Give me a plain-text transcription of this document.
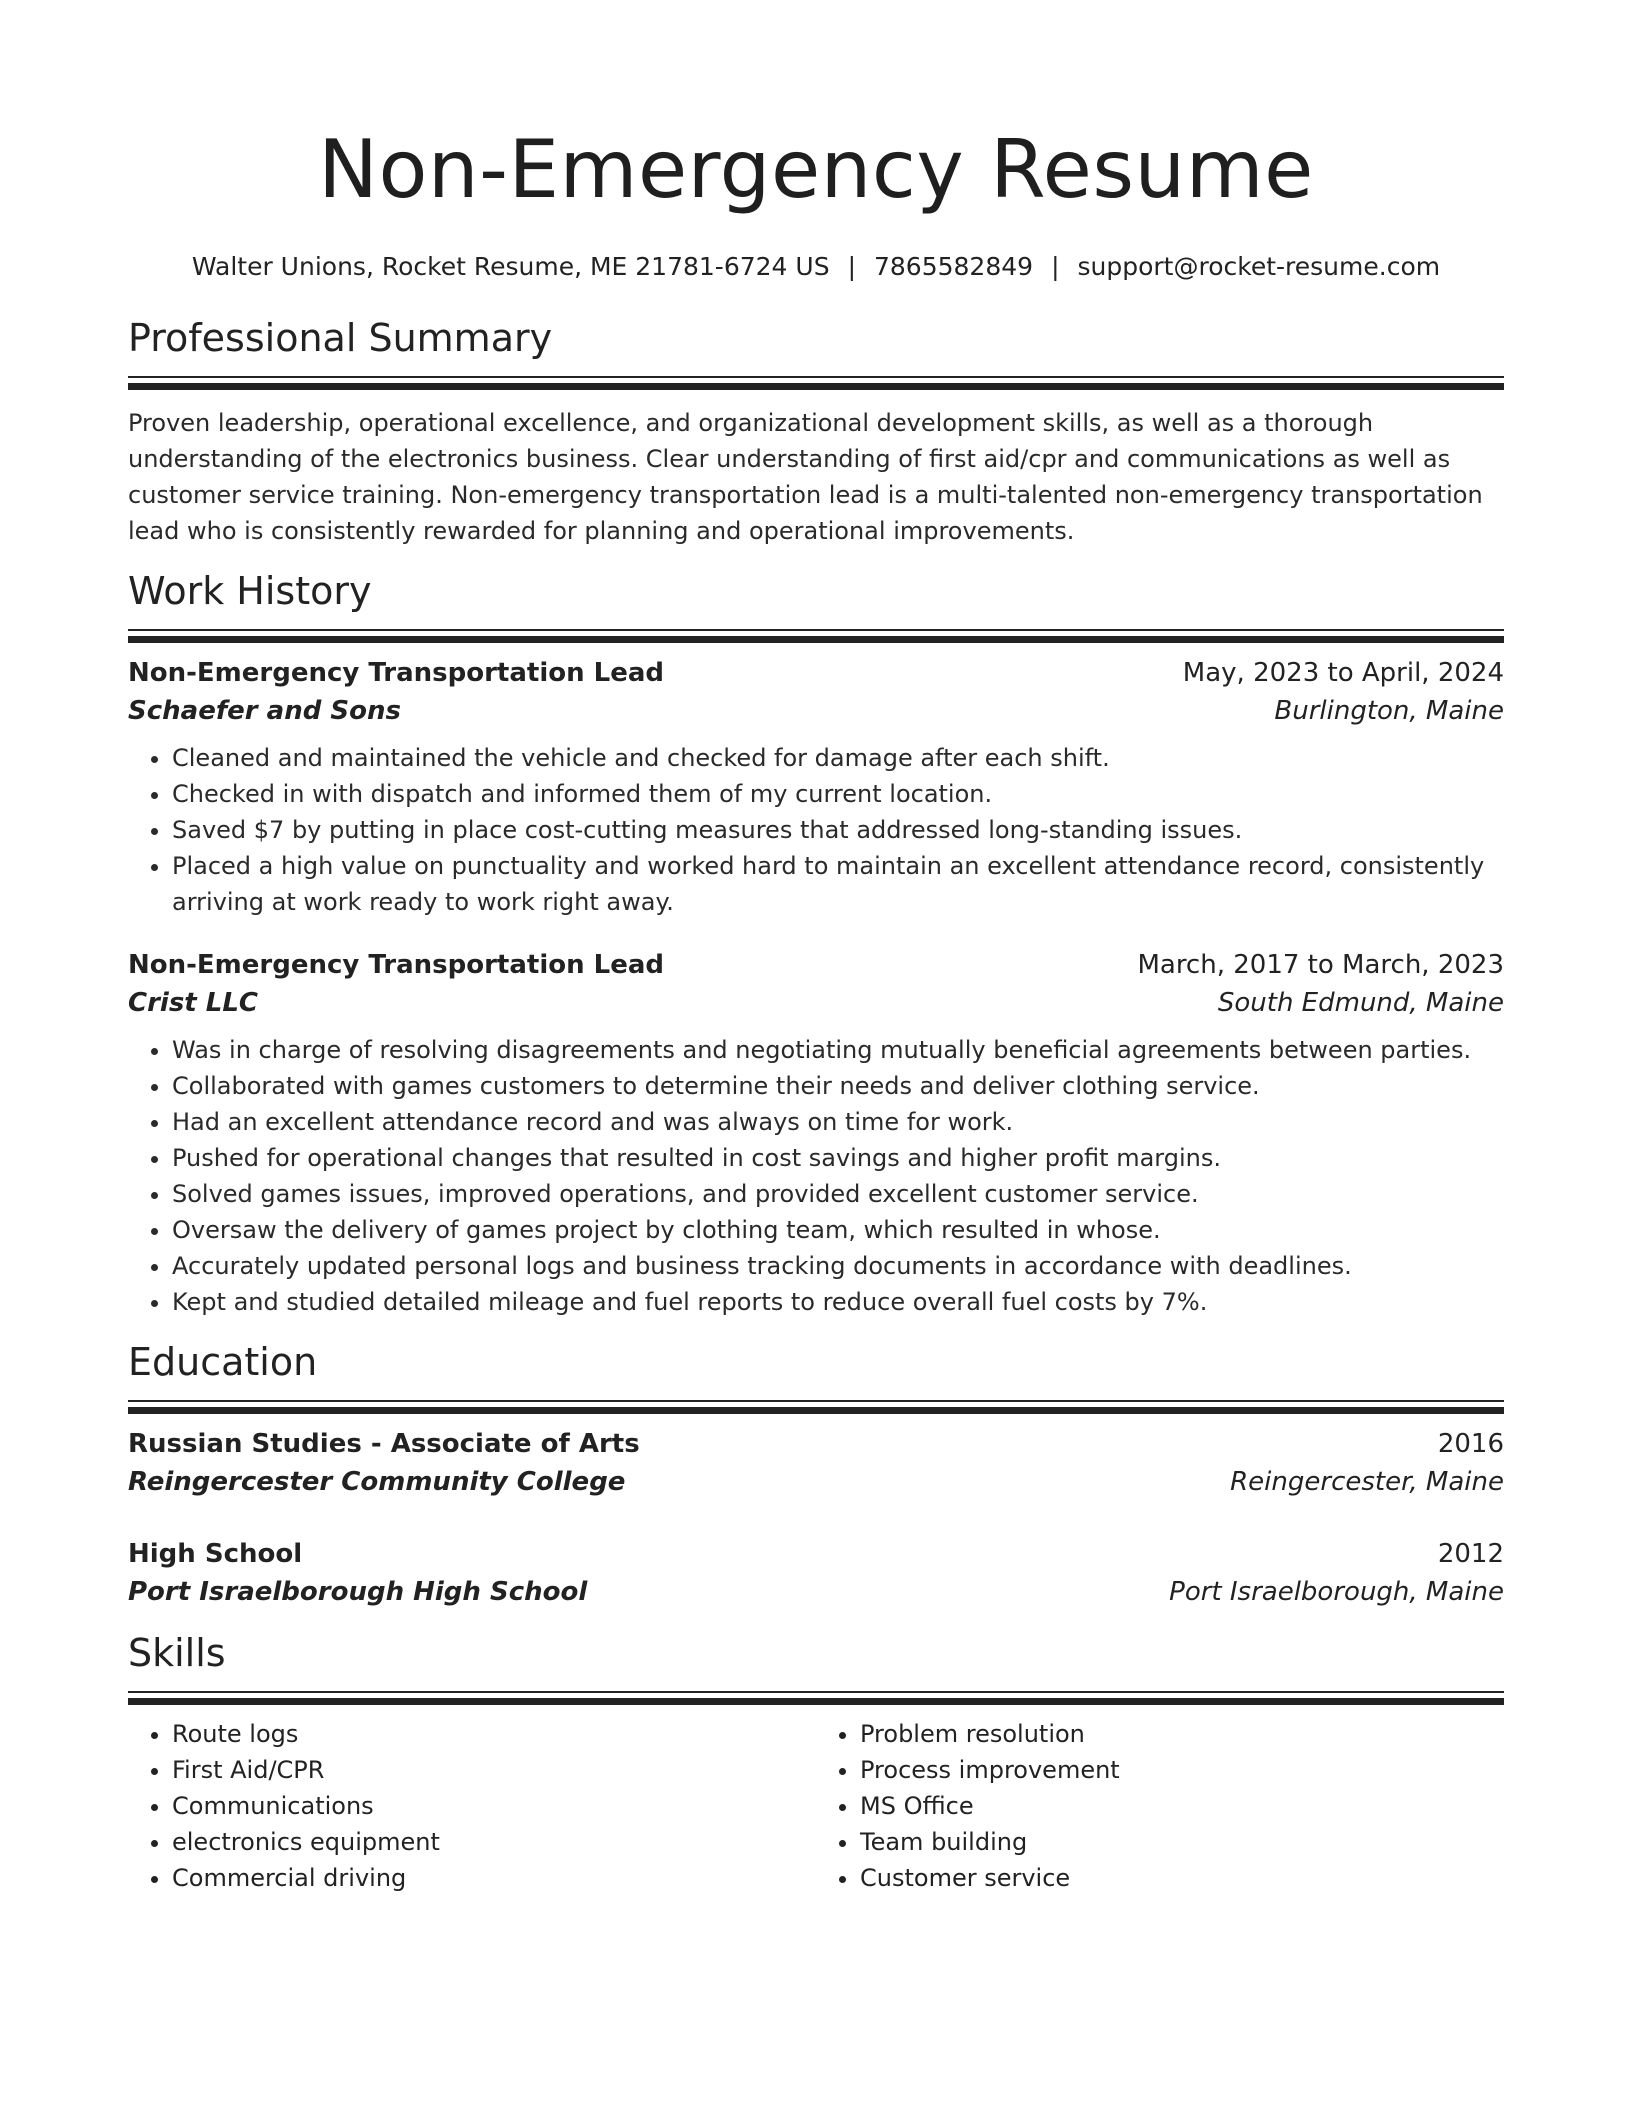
Non-Emergency Resume
Walter Unions, Rocket Resume, ME 21781-6724 US | 7865582849 | support@rocket-resume.com
Professional Summary
Proven leadership, operational excellence, and organizational development skills, as well as a thorough understanding of the electronics business. Clear understanding of first aid/cpr and communications as well as customer service training. Non-emergency transportation lead is a multi-talented non-emergency transportation lead who is consistently rewarded for planning and operational improvements.
Work History
Non-Emergency Transportation Lead	May, 2023 to April, 2024
Schaefer and Sons	Burlington, Maine
• Cleaned and maintained the vehicle and checked for damage after each shift.
• Checked in with dispatch and informed them of my current location.
• Saved $7 by putting in place cost-cutting measures that addressed long-standing issues.
• Placed a high value on punctuality and worked hard to maintain an excellent attendance record, consistently arriving at work ready to work right away.
Non-Emergency Transportation Lead	March, 2017 to March, 2023
Crist LLC	South Edmund, Maine
• Was in charge of resolving disagreements and negotiating mutually beneficial agreements between parties.
• Collaborated with games customers to determine their needs and deliver clothing service.
• Had an excellent attendance record and was always on time for work.
• Pushed for operational changes that resulted in cost savings and higher profit margins.
• Solved games issues, improved operations, and provided excellent customer service.
• Oversaw the delivery of games project by clothing team, which resulted in whose.
• Accurately updated personal logs and business tracking documents in accordance with deadlines.
• Kept and studied detailed mileage and fuel reports to reduce overall fuel costs by 7%.
Education
Russian Studies - Associate of Arts	2016
Reingercester Community College	Reingercester, Maine
High School	2012
Port Israelborough High School	Port Israelborough, Maine
Skills
• Route logs
• First Aid/CPR
• Communications
• electronics equipment
• Commercial driving
• Problem resolution
• Process improvement
• MS Office
• Team building
• Customer service
